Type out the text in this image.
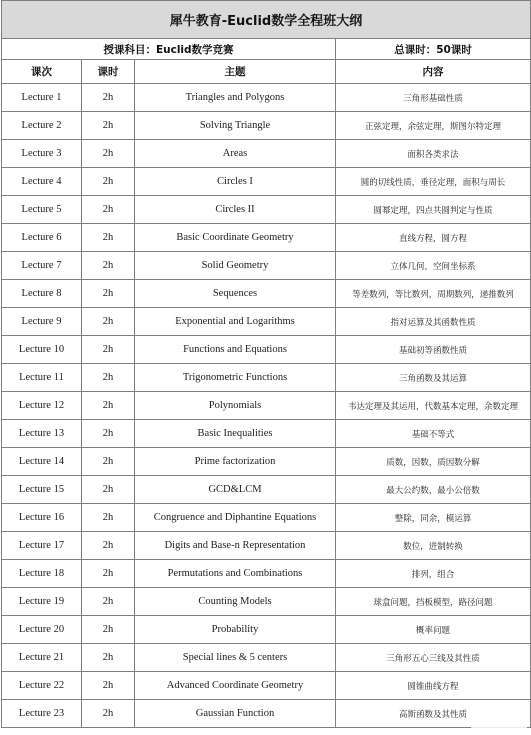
犀牛教育-Euclid数学全程班大纲			
授课科目：Euclid数学竞赛			总课时：50课时
课次	课时	主题	内容
Lecture 1	2h	Triangles and Polygons	三角形基础性质
Lecture 2	2h	Solving Triangle	正弦定理，余弦定理，斯图尔特定理
Lecture 3	2h	Areas	面积各类求法
Lecture 4	2h	Circles I	圆的切线性质，垂径定理，面积与周长
Lecture 5	2h	Circles II	圆幂定理，四点共圆判定与性质
Lecture 6	2h	Basic Coordinate Geometry	直线方程，圆方程
Lecture 7	2h	Solid Geometry	立体几何，空间坐标系
Lecture 8	2h	Sequences	等差数列，等比数列，周期数列，递推数列
Lecture 9	2h	Exponential and Logarithms	指对运算及其函数性质
Lecture 10	2h	Functions and Equations	基础初等函数性质
Lecture 11	2h	Trigonometric Functions	三角函数及其运算
Lecture 12	2h	Polynomials	韦达定理及其运用，代数基本定理，余数定理
Lecture 13	2h	Basic Inequalities	基础不等式
Lecture 14	2h	Prime factorization	质数，因数，质因数分解
Lecture 15	2h	GCD&LCM	最大公约数，最小公倍数
Lecture 16	2h	Congruence and Diphantine Equations	整除，同余，模运算
Lecture 17	2h	Digits and Base-n Representation	数位，进制转换
Lecture 18	2h	Permutations and Combinations	排列，组合
Lecture 19	2h	Counting Models	球盒问题，挡板模型，路径问题
Lecture 20	2h	Probability	概率问题
Lecture 21	2h	Special lines & 5 centers	三角形五心三线及其性质
Lecture 22	2h	Advanced Coordinate Geometry	圆锥曲线方程
Lecture 23	2h	Gaussian Function	高斯函数及其性质
